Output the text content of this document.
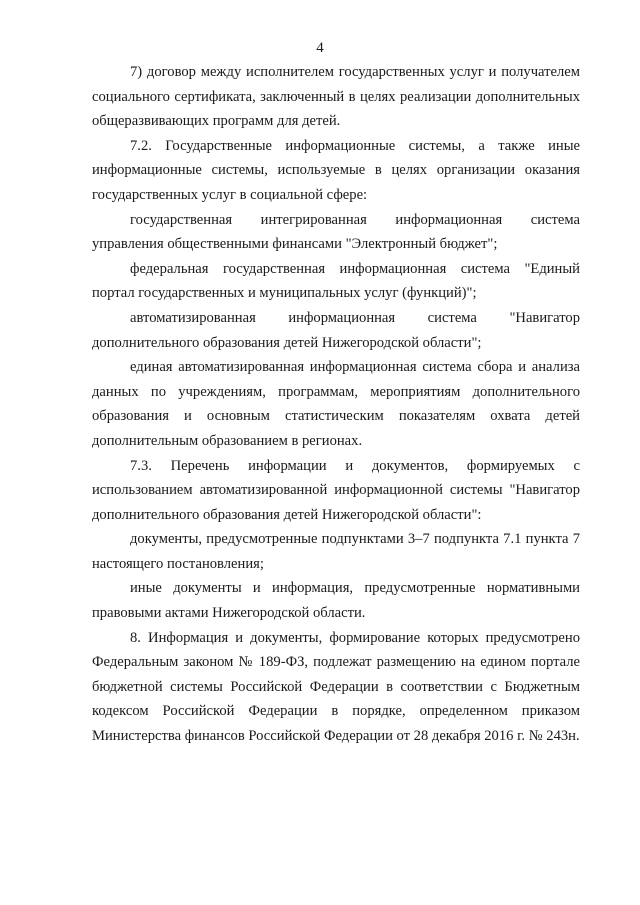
4

7) договор между исполнителем государственных услуг и получателем социального сертификата, заключенный в целях реализации дополнительных общеразвивающих программ для детей.

7.2. Государственные информационные системы, а также иные информационные системы, используемые в целях организации оказания государственных услуг в социальной сфере:

государственная интегрированная информационная система управления общественными финансами "Электронный бюджет";

федеральная государственная информационная система "Единый портал государственных и муниципальных услуг (функций)";

автоматизированная информационная система "Навигатор дополнительного образования детей Нижегородской области";

единая автоматизированная информационная система сбора и анализа данных по учреждениям, программам, мероприятиям дополнительного образования и основным статистическим показателям охвата детей дополнительным образованием в регионах.

7.3. Перечень информации и документов, формируемых с использованием автоматизированной информационной системы "Навигатор дополнительного образования детей Нижегородской области":

документы, предусмотренные подпунктами 3–7 подпункта 7.1 пункта 7 настоящего постановления;

иные документы и информация, предусмотренные нормативными правовыми актами Нижегородской области.

8. Информация и документы, формирование которых предусмотрено Федеральным законом № 189-ФЗ, подлежат размещению на едином портале бюджетной системы Российской Федерации в соответствии с Бюджетным кодексом Российской Федерации в порядке, определенном приказом Министерства финансов Российской Федерации от 28 декабря 2016 г. № 243н.
